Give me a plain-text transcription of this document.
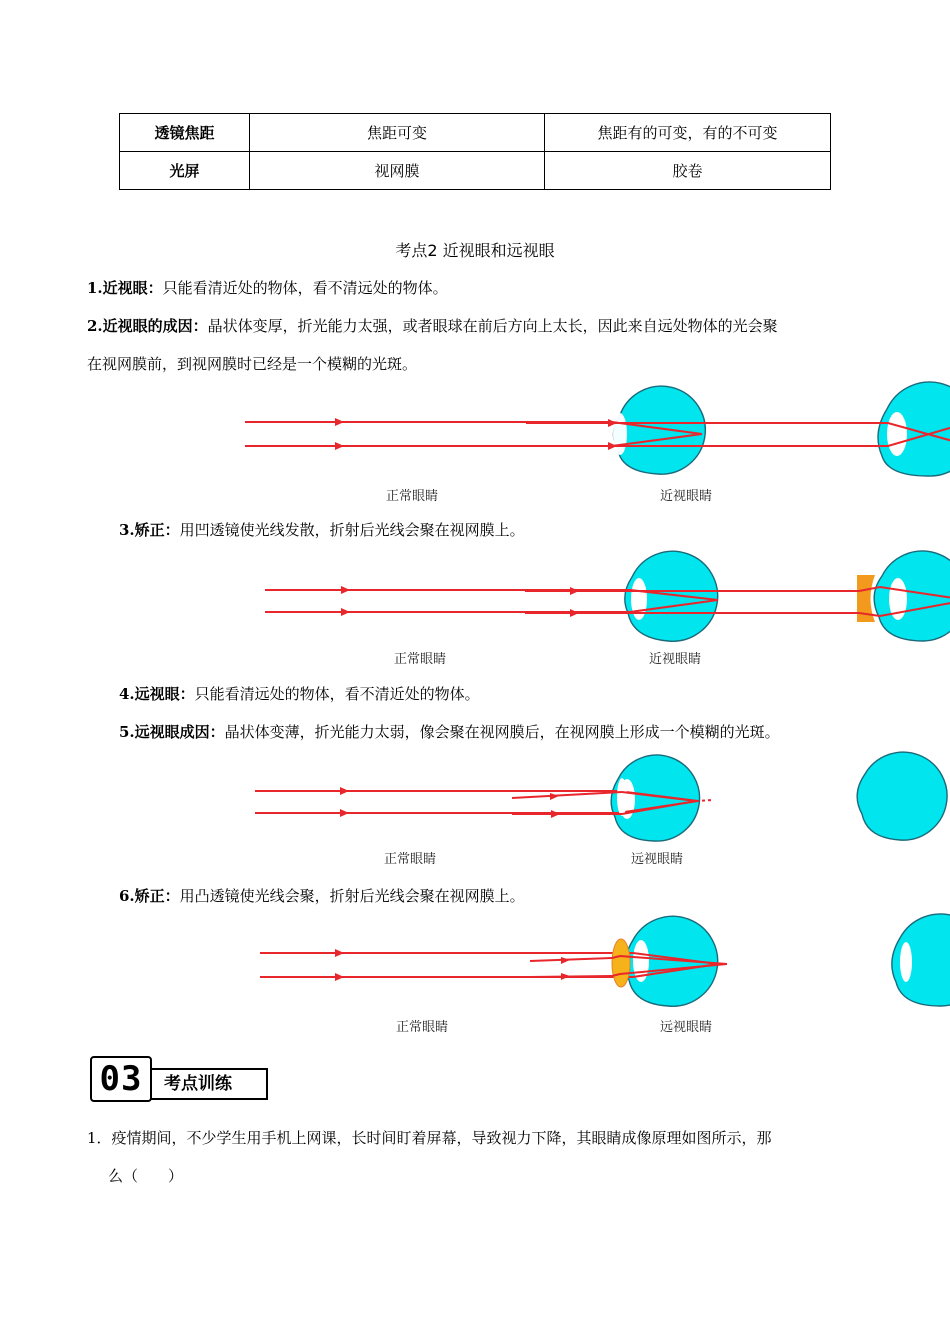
透镜焦距	焦距可变	焦距有的可变，有的不可变
光屏	视网膜	胶卷
考点2 近视眼和远视眼
1.近视眼：只能看清近处的物体，看不清远处的物体。
2.近视眼的成因：晶状体变厚，折光能力太强，或者眼球在前后方向上太长，因此来自远处物体的光会聚
在视网膜前，到视网膜时已经是一个模糊的光斑。
正常眼睛	近视眼睛
3.矫正：用凹透镜使光线发散，折射后光线会聚在视网膜上。
正常眼睛	近视眼睛
4.远视眼：只能看清远处的物体，看不清近处的物体。
5.远视眼成因：晶状体变薄，折光能力太弱，像会聚在视网膜后，在视网膜上形成一个模糊的光斑。
正常眼睛	远视眼睛
6.矫正：用凸透镜使光线会聚，折射后光线会聚在视网膜上。
正常眼睛	远视眼睛
03	考点训练
1．疫情期间，不少学生用手机上网课，长时间盯着屏幕，导致视力下降，其眼睛成像原理如图所示，那
么（　　）
